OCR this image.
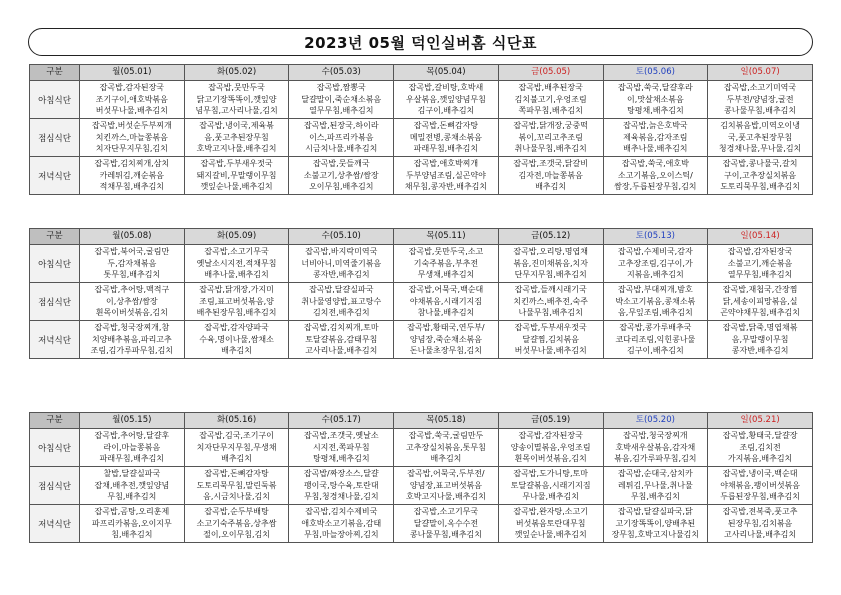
2023년 05월 덕인실버홈 식단표
구분	월(05.01)	화(05.02)	수(05.03)	목(05.04)	금(05.05)	토(05.06)	일(05.07)
아침식단	잡곡밥,감자된장국
조기구이,애호박볶음
버섯무나물,배추김치	잡곡밥,뭇만두국
닭고기장똑똑이,깻잎양
념무침,고사리나물,김치	잡곡밥,짬뽕국
달걀말이,죽순채소볶음
열무무침,배추김치	잡곡밥,갈비탕,호박새
우살볶음,깻잎양념무침
김구이,배추김치	잡곡밥,배추된장국
김치불고기,우엉조림
쪽파무침,배추김치	잡곡밥,쑥국,달걀후라
이,맛살채소볶음
탕평채,배추김치	잡곡밥,소고기미역국
두부전/양념장,굴전
콩나물무침,배추김치

점심식단	잡곡밥,버섯순두부찌개
치킨까스,마늘쫑볶음
치자단무지무침,김치	잡곡밥,냉이국,제육볶
음,풋고추된장무침
호박고지나물,배추김치	잡곡밥,된장국,하이라
이스,파프리카볶음
시금치나물,배추김치	잡곡밥,돈뼈감자탕
메밀전병,콩채소볶음
파래무침,배추김치	잡곡밥,닭개장,궁중떡
볶이,꼬리고추조림
취나물무침,배추김치	잡곡밥,늙은호박국
제육볶음,감자조림
배추나물,배추김치	김치볶음밥,미역오이냉
국,풋고추된장무침
청경채나물,무나물,김치

저녁식단	잡곡밥,김치찌개,삼치
카레튀김,깨순볶음
적채무침,배추김치	잡곡밥,두부새우젓국
돼지갈비,무말랭이무침
깻잎순나물,배추김치	잡곡밥,뭇들깨국
소불고기,상추쌈/쌈장
오이무침,배추김치	잡곡밥,애호박찌개
두부양념조림,실곤약야
채무침,콩자반,배추김치	잡곡밥,조갯국,닭갈비
김자전,마늘쫑볶음
배추김치	잡곡밥,쑥국,애호박
소고기볶음,오이스틱/
쌈장,두릅된장무침,김치	잡곡밥,콩나물국,갈치
구이,고추장실치볶음
도토리묵무침,배추김치
구분	월(05.08)	화(05.09)	수(05.10)	목(05.11)	금(05.12)	토(05.13)	일(05.14)
아침식단	잡곡밥,북어국,굴림만
두,감자채볶음
톳무침,배추김치	잡곡밥,소고기무국
옛날소시지전,적채무침
배추나물,배추김치	잡곡밥,바지락미역국
너비아니,미역줄기볶음
콩자반,배추김치	잡곡밥,뭇만두국,소고
기숙주볶음,부추전
무생채,배추김치	잡곡밥,오리탕,명엽채
볶음,진미채볶음,치자
단무지무침,배추김치	잡곡밥,수제비국,감자
고추장조림,김구이,가
지볶음,배추김치	잡곡밥,감자된장국
소불고기,깨순볶음
열무무침,배추김치

점심식단	잡곡밥,추어탕,맥적구
이,상추쌈/쌈장
흰목이버섯볶음,김치	잡곡밥,닭개장,가지미
조림,표고버섯볶음,양
배추된장무침,배추김치	잡곡밥,달걀실파국
취나물영양밥,표고탕수
김치전,배추김치	잡곡밥,어묵국,백순대
야채볶음,시래기지짐
참나물,배추김치	잡곡밥,들깨시래기국
치킨까스,배추전,숙주
나물무침,배추김치	잡곡밥,부대찌개,밤호
박소고기볶음,콩채소볶
음,무잎조림,배추김치	잡곡밥,재첩국,간장찜
닭,세송이피망볶음,실
곤약야채무침,배추김치

저녁식단	잡곡밥,청국장찌개,참
치양배추볶음,파리고추
조림,김가루파무침,김치	잡곡밥,감자양파국
수육,명이나물,쌈채소
배추김치	잡곡밥,김치찌개,토마
토달걀볶음,감태무침
고사리나물,배추김치	잡곡밥,황태국,연두부/
양념장,죽순채소볶음
돈나물초장무침,김치	잡곡밥,두부새우젓국
달걀찜,김치볶음
버섯무나물,배추김치	잡곡밥,콩가루배추국
코다리조림,익힌콩나물
김구이,배추김치	잡곡밥,닭죽,명엽채볶
음,무말랭이무침
콩자반,배추김치
구분	월(05.15)	화(05.16)	수(05.17)	목(05.18)	금(05.19)	토(05.20)	일(05.21)
아침식단	잡곡밥,추어탕,달걀후
라이,마늘쫑볶음
파래무침,배추김치	잡곡밥,김국,조기구이
치자단무지무침,무생채
배추김치	잡곡밥,조갯국,옛날소
시지전,쪽파무침
탕평채,배추김치	잡곡밥,쑥국,굴림만두
고추장실치볶음,톳무침
배추김치	잡곡밥,감자된장국
양송이멸볶음,우엉조림
흰목이버섯볶음,김치	잡곡밥,청국장찌개
호박새우살볶음,감자채
볶음,김가루파무침,김치	잡곡밥,황태국,달걀장
조림,김치전
가지볶음,배추김치

점심식단	찰밥,달걀실파국
잡채,배추전,깻잎양념
무침,배추김치	잡곡밥,돈뼈감자탕
도토리묵무침,말린둑볶
음,시금치나물,김치	잡곡밥/짜장소스,달걀
팽이국,탕수육,토란대
무침,청경채나물,김치	잡곡밥,어묵국,두부전/
양념장,표고버섯볶음
호박고지나물,배추김치	잡곡밥,도가니탕,토마
토달걀볶음,시래기지짐
무나물,배추김치	잡곡밥,순대국,삼치카
레튀김,무나물,취나물
무침,배추김치	잡곡밥,냉이국,백순대
야채볶음,팽이버섯볶음
두릅된장무침,배추김치

저녁식단	잡곡밥,곰탕,오리훈제
파프리카볶음,오이지무
침,배추김치	잡곡밥,순두부배탕
소고기숙주볶음,상추쌈
절이,오이무침,김치	잡곡밥,김치수제비국
애호박소고기볶음,감태
무침,마늘장아찌,김치	잡곡밥,소고기무국
달걀말이,옥수수전
콩나물무침,배추김치	잡곡밥,완자탕,소고기
버섯볶음토란대무침
깻잎순나물,배추김치	잡곡밥,달걀실파국,닭
고기장똑똑이,양배추된
장무침,호박고지나물김치	잡곡밥,전복죽,풋고추
된장무침,김치볶음
고사리나물,배추김치
